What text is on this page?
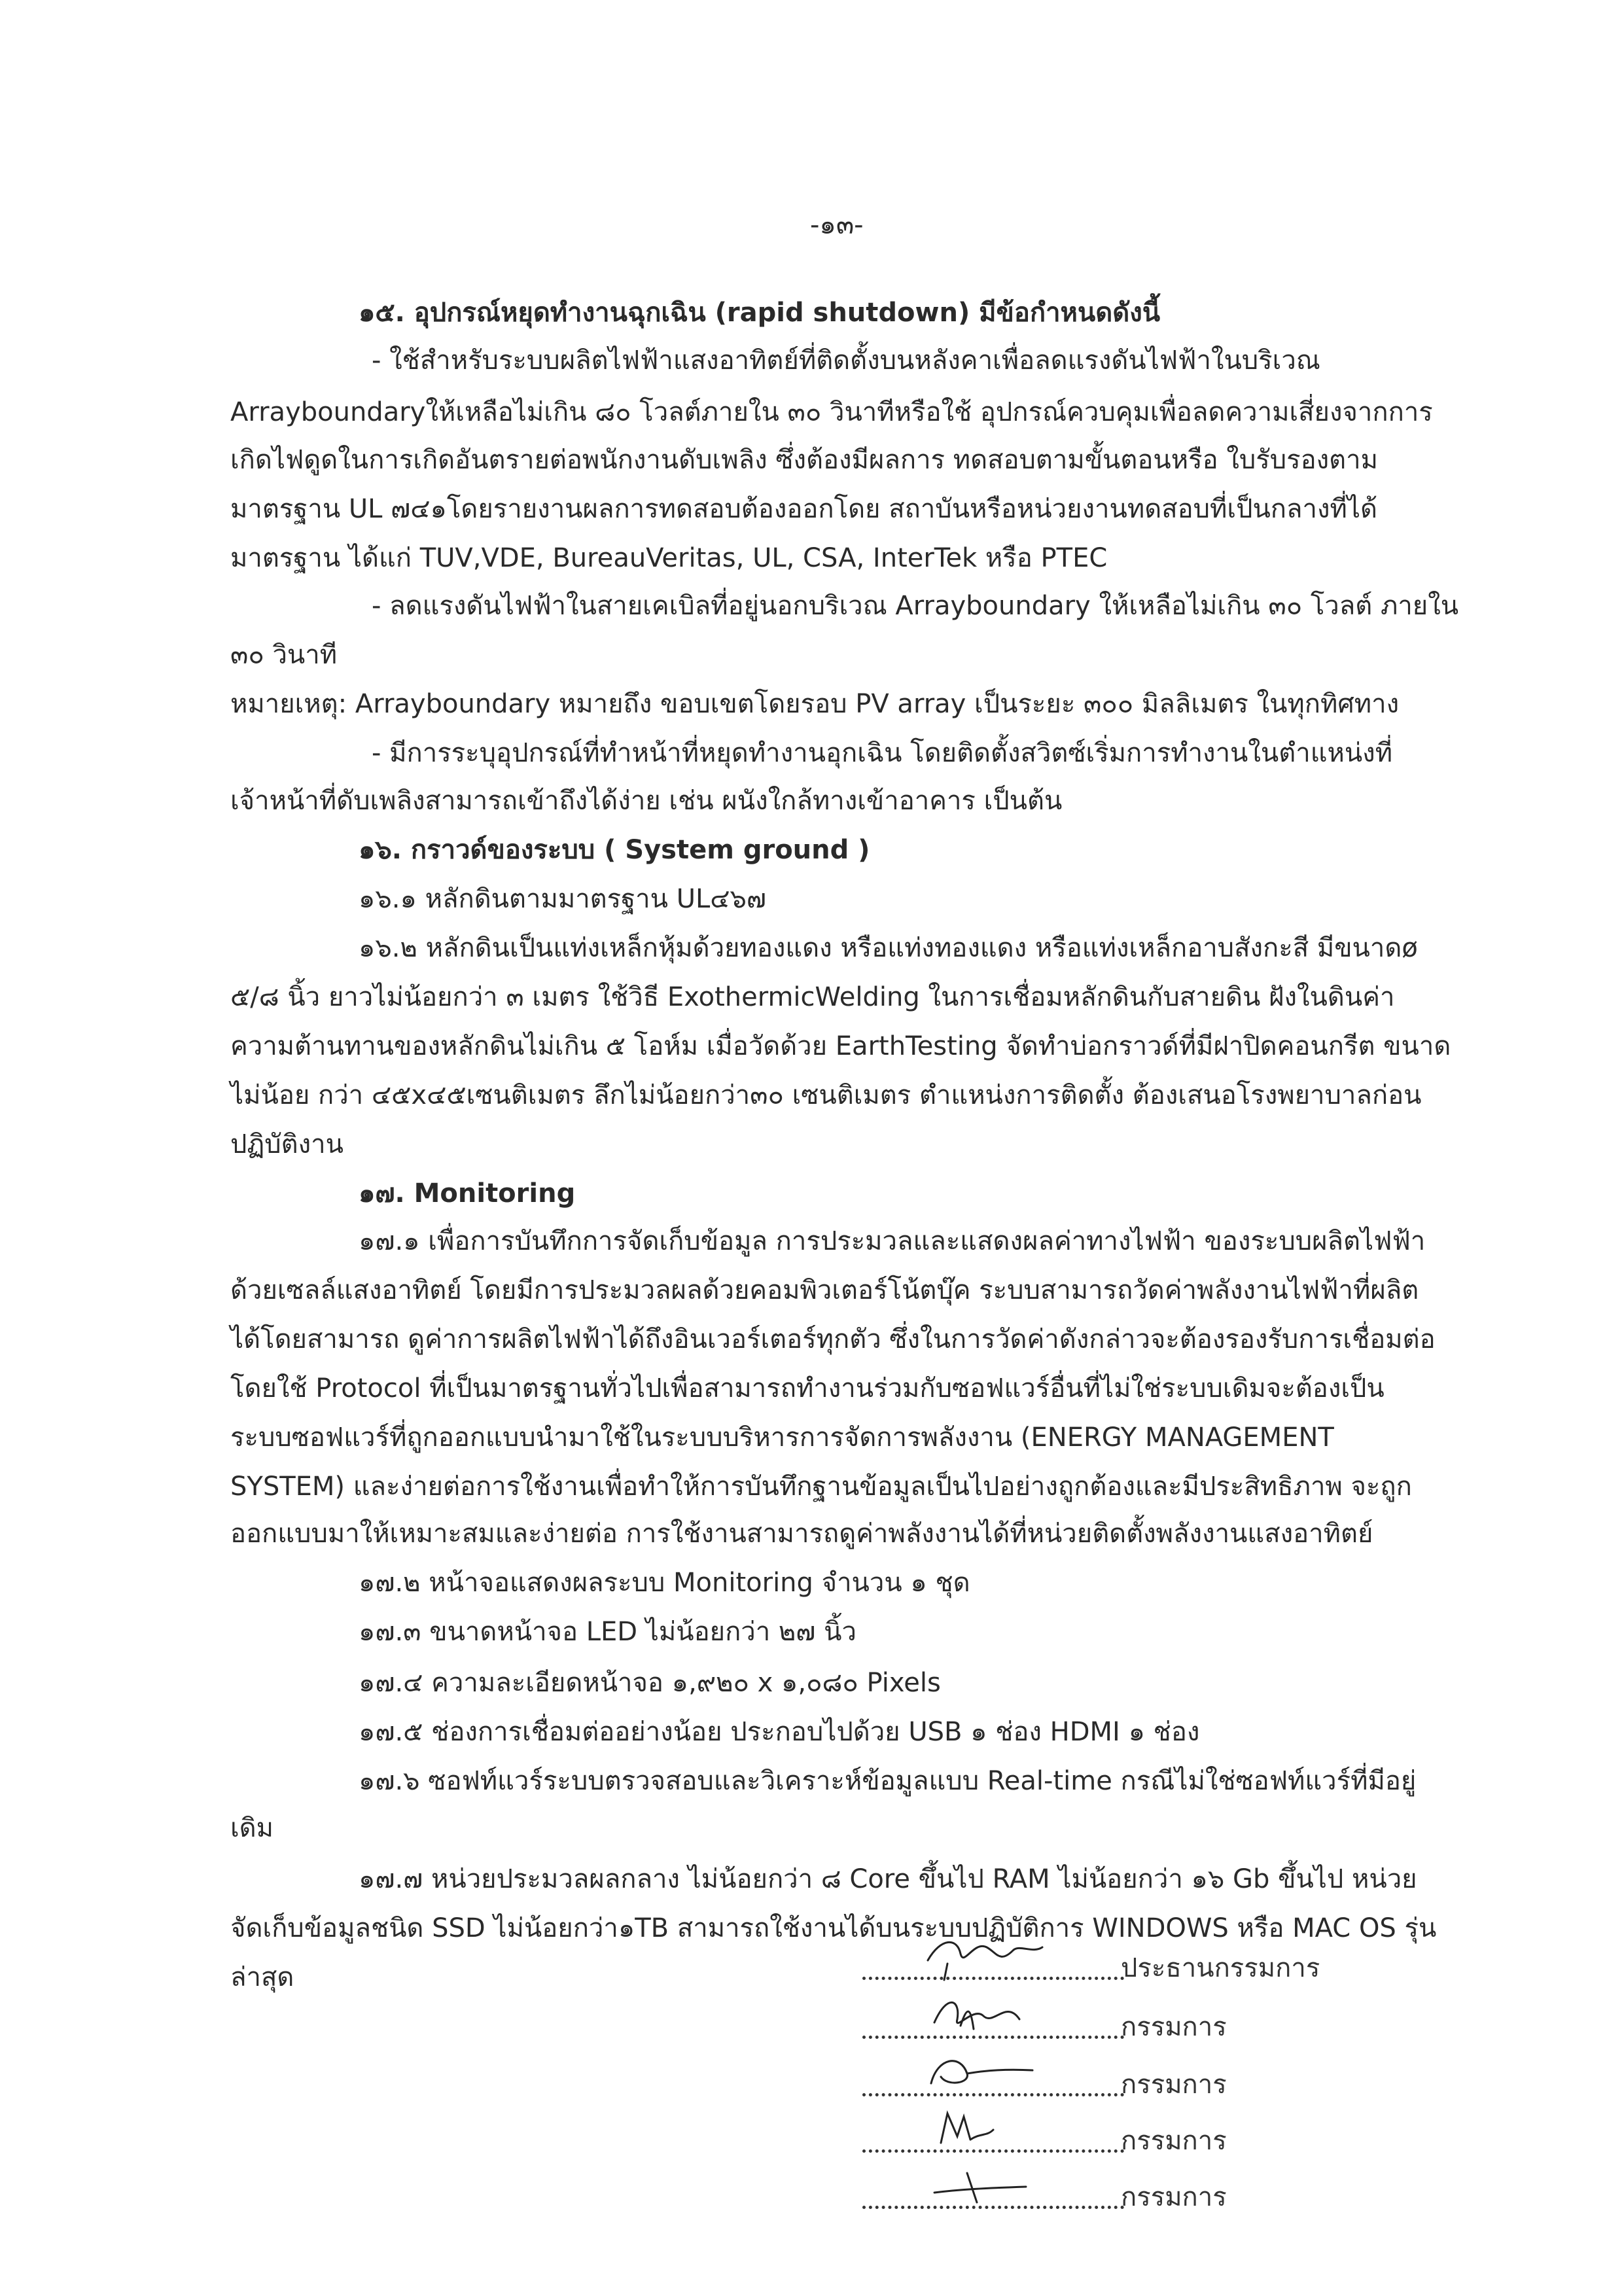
-๑๓-
๑๕. อุปกรณ์หยุดทำงานฉุกเฉิน (rapid shutdown) มีข้อกำหนดดังนี้
- ใช้สำหรับระบบผลิตไฟฟ้าแสงอาทิตย์ที่ติดตั้งบนหลังคาเพื่อลดแรงดันไฟฟ้าในบริเวณ
Arrayboundaryให้เหลือไม่เกิน ๘๐ โวลต์ภายใน ๓๐ วินาทีหรือใช้ อุปกรณ์ควบคุมเพื่อลดความเสี่ยงจากการ
เกิดไฟดูดในการเกิดอันตรายต่อพนักงานดับเพลิง ซึ่งต้องมีผลการ ทดสอบตามขั้นตอนหรือ ใบรับรองตาม
มาตรฐาน UL ๗๔๑โดยรายงานผลการทดสอบต้องออกโดย สถาบันหรือหน่วยงานทดสอบที่เป็นกลางที่ได้
มาตรฐาน ได้แก่ TUV,VDE, BureauVeritas, UL, CSA, InterTek หรือ PTEC
- ลดแรงดันไฟฟ้าในสายเคเบิลที่อยู่นอกบริเวณ Arrayboundary ให้เหลือไม่เกิน ๓๐ โวลต์ ภายใน
๓๐ วินาที
หมายเหตุ: Arrayboundary หมายถึง ขอบเขตโดยรอบ PV array เป็นระยะ ๓๐๐ มิลลิเมตร ในทุกทิศทาง
- มีการระบุอุปกรณ์ที่ทำหน้าที่หยุดทำงานอุกเฉิน โดยติดตั้งสวิตซ์เริ่มการทำงานในตำแหน่งที่
เจ้าหน้าที่ดับเพลิงสามารถเข้าถึงได้ง่าย เช่น ผนังใกล้ทางเข้าอาคาร เป็นต้น
๑๖. กราวด์ของระบบ ( System ground )
๑๖.๑ หลักดินตามมาตรฐาน UL๔๖๗
๑๖.๒ หลักดินเป็นแท่งเหล็กหุ้มด้วยทองแดง หรือแท่งทองแดง หรือแท่งเหล็กอาบสังกะสี มีขนาดø
๕/๘ นิ้ว ยาวไม่น้อยกว่า ๓ เมตร ใช้วิธี ExothermicWelding ในการเชื่อมหลักดินกับสายดิน ฝังในดินค่า
ความต้านทานของหลักดินไม่เกิน ๕ โอห์ม เมื่อวัดด้วย EarthTesting จัดทำบ่อกราวด์ที่มีฝาปิดคอนกรีต ขนาด
ไม่น้อย กว่า ๔๕x๔๕เซนติเมตร ลึกไม่น้อยกว่า๓๐ เซนติเมตร ตำแหน่งการติดตั้ง ต้องเสนอโรงพยาบาลก่อน
ปฏิบัติงาน
๑๗. Monitoring
๑๗.๑ เพื่อการบันทึกการจัดเก็บข้อมูล การประมวลและแสดงผลค่าทางไฟฟ้า ของระบบผลิตไฟฟ้า
ด้วยเซลล์แสงอาทิตย์ โดยมีการประมวลผลด้วยคอมพิวเตอร์โน้ตบุ๊ค ระบบสามารถวัดค่าพลังงานไฟฟ้าที่ผลิต
ได้โดยสามารถ ดูค่าการผลิตไฟฟ้าได้ถึงอินเวอร์เตอร์ทุกตัว ซึ่งในการวัดค่าดังกล่าวจะต้องรองรับการเชื่อมต่อ
โดยใช้ Protocol ที่เป็นมาตรฐานทั่วไปเพื่อสามารถทำงานร่วมกับซอฟแวร์อื่นที่ไม่ใช่ระบบเดิมจะต้องเป็น
ระบบซอฟแวร์ที่ถูกออกแบบนำมาใช้ในระบบบริหารการจัดการพลังงาน (ENERGY MANAGEMENT
SYSTEM) และง่ายต่อการใช้งานเพื่อทำให้การบันทึกฐานข้อมูลเป็นไปอย่างถูกต้องและมีประสิทธิภาพ จะถูก
ออกแบบมาให้เหมาะสมและง่ายต่อ การใช้งานสามารถดูค่าพลังงานได้ที่หน่วยติดตั้งพลังงานแสงอาทิตย์
๑๗.๒ หน้าจอแสดงผลระบบ Monitoring จำนวน ๑ ชุด
๑๗.๓ ขนาดหน้าจอ LED ไม่น้อยกว่า ๒๗ นิ้ว
๑๗.๔ ความละเอียดหน้าจอ ๑,๙๒๐ x ๑,๐๘๐ Pixels
๑๗.๕ ช่องการเชื่อมต่ออย่างน้อย ประกอบไปด้วย USB ๑ ช่อง HDMI ๑ ช่อง
๑๗.๖ ซอฟท์แวร์ระบบตรวจสอบและวิเคราะห์ข้อมูลแบบ Real-time กรณีไม่ใช่ซอฟท์แวร์ที่มีอยู่
เดิม
๑๗.๗ หน่วยประมวลผลกลาง ไม่น้อยกว่า ๘ Core ขึ้นไป RAM ไม่น้อยกว่า ๑๖ Gb ขึ้นไป หน่วย
จัดเก็บข้อมูลชนิด SSD ไม่น้อยกว่า๑TB สามารถใช้งานได้บนระบบปฏิบัติการ WINDOWS หรือ MAC OS รุ่น
ล่าสุด	ประธานกรรมการ
กรรมการ
กรรมการ
กรรมการ
กรรมการ
